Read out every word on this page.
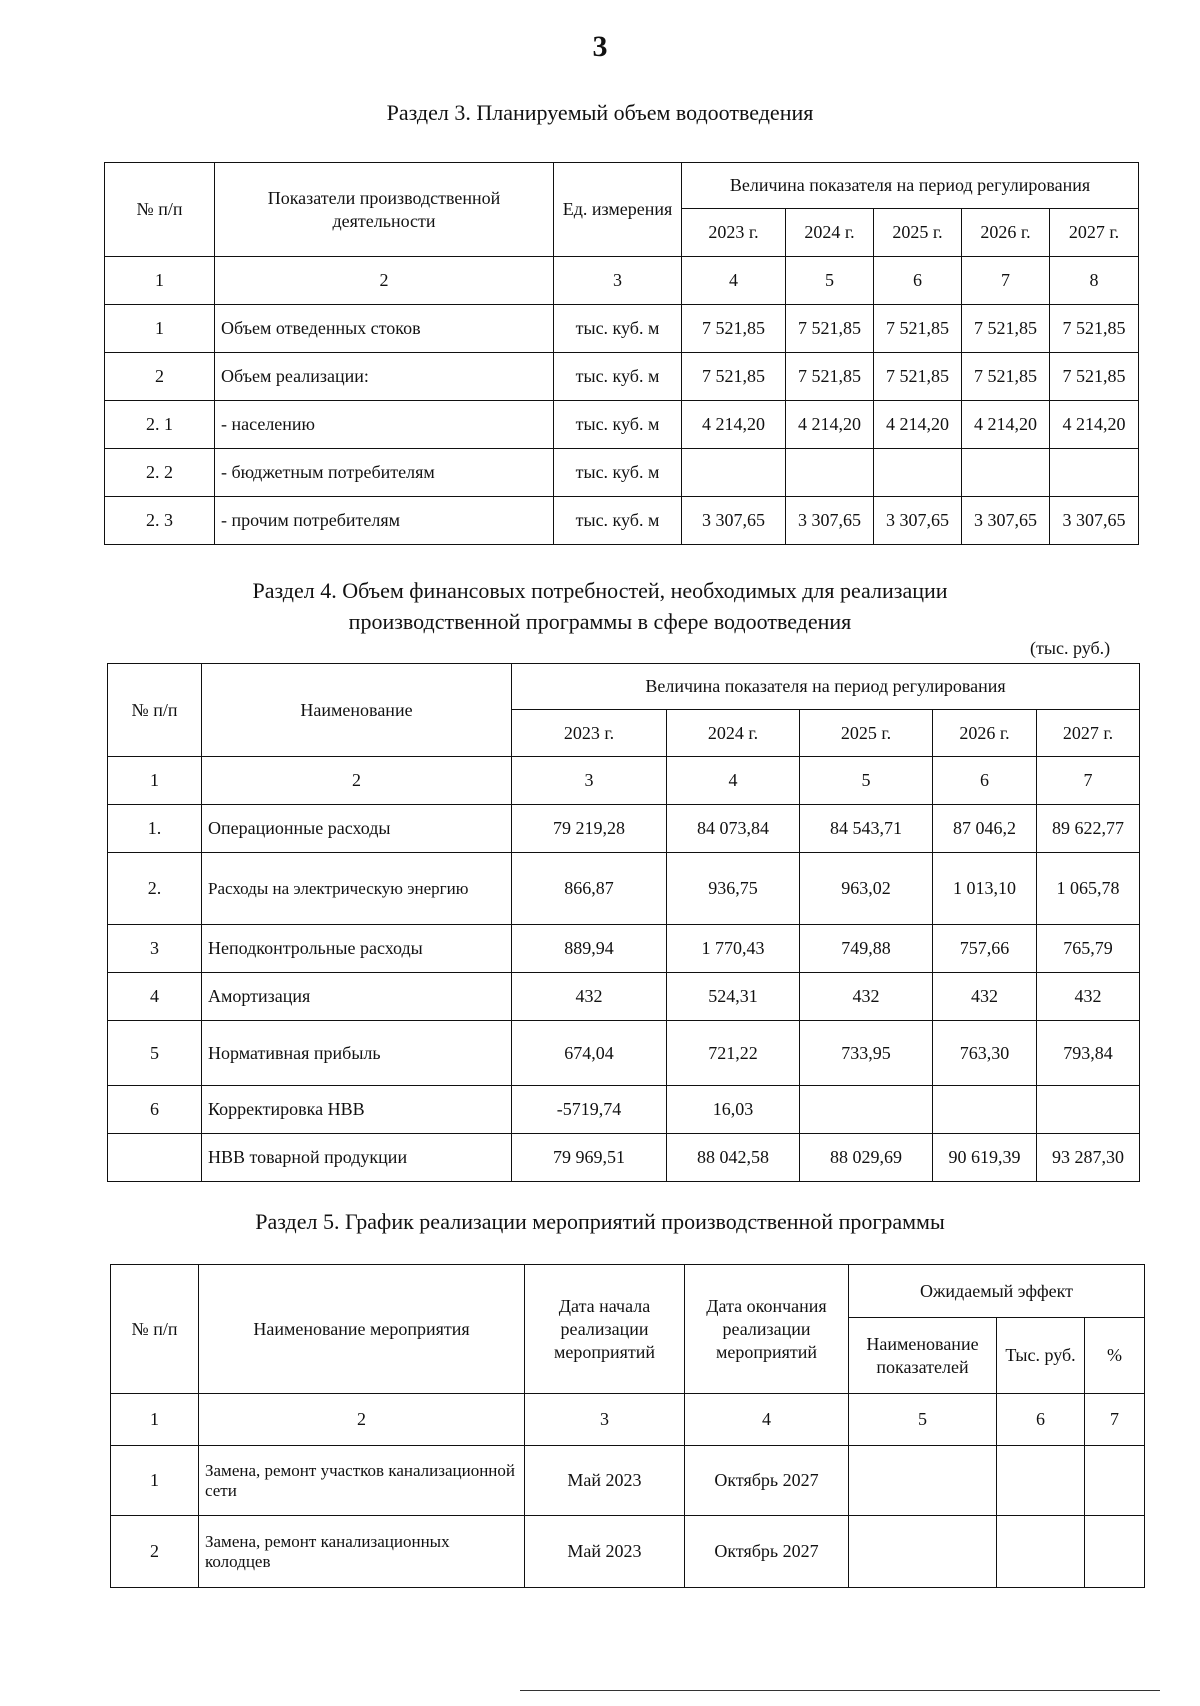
3
Раздел 3. Планируемый объем водоотведения
№ п/п	Показатели производственной деятельности	Ед. измерения	Величина показателя на период регулирования				
			2023 г.	2024 г.	2025 г.	2026 г.	2027 г.
1	2	3	4	5	6	7	8
1	Объем отведенных стоков	тыс. куб. м	7 521,85	7 521,85	7 521,85	7 521,85	7 521,85
2	Объем реализации:	тыс. куб. м	7 521,85	7 521,85	7 521,85	7 521,85	7 521,85
2. 1	- населению	тыс. куб. м	4 214,20	4 214,20	4 214,20	4 214,20	4 214,20
2. 2	- бюджетным потребителям	тыс. куб. м					
2. 3	- прочим потребителям	тыс. куб. м	3 307,65	3 307,65	3 307,65	3 307,65	3 307,65
Раздел 4. Объем финансовых потребностей, необходимых для реализации
производственной программы в сфере водоотведения
(тыс. руб.)
№ п/п	Наименование	Величина показателя на период регулирования				
		2023 г.	2024 г.	2025 г.	2026 г.	2027 г.
1	2	3	4	5	6	7
1.	Операционные расходы	79 219,28	84 073,84	84 543,71	87 046,2	89 622,77
2.	Расходы на электрическую энергию	866,87	936,75	963,02	1 013,10	1 065,78
3	Неподконтрольные расходы	889,94	1 770,43	749,88	757,66	765,79
4	Амортизация	432	524,31	432	432	432
5	Нормативная прибыль	674,04	721,22	733,95	763,30	793,84
6	Корректировка НВВ	-5719,74	16,03			
	НВВ товарной продукции	79 969,51	88 042,58	88 029,69	90 619,39	93 287,30
Раздел 5. График реализации мероприятий производственной программы
№ п/п	Наименование мероприятия	Дата начала реализации мероприятий	Дата окончания реализации мероприятий	Ожидаемый эффект		
				Наименование показателей	Тыс. руб.	%
1	2	3	4	5	6	7
1	Замена, ремонт участков канализационной сети	Май 2023	Октябрь 2027			
2	Замена, ремонт канализационных колодцев	Май 2023	Октябрь 2027			
